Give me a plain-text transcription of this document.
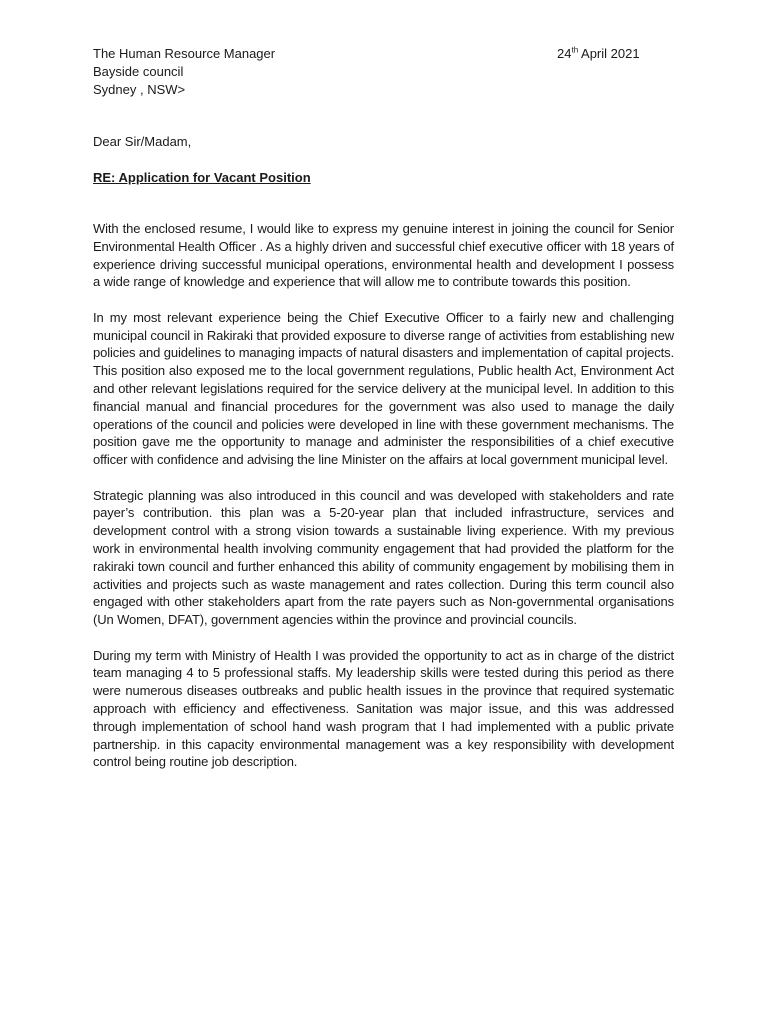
The Human Resource Manager
Bayside council
Sydney , NSW>
24th April 2021
Dear Sir/Madam,
RE: Application for Vacant Position

With the enclosed resume, I would like to express my genuine interest in joining the council for Senior Environmental Health Officer . As a highly driven and successful chief executive officer with 18 years of experience driving successful municipal operations, environmental health and development I possess a wide range of knowledge and experience that will allow me to contribute towards this position.

In my most relevant experience being the Chief Executive Officer to a fairly new and challenging municipal council in Rakiraki that provided exposure to diverse range of activities from establishing new policies and guidelines to managing impacts of natural disasters and implementation of capital projects. This position also exposed me to the local government regulations, Public health Act, Environment Act and other relevant legislations required for the service delivery at the municipal level. In addition to this financial manual and financial procedures for the government was also used to manage the daily operations of the council and policies were developed in line with these government mechanisms. The position gave me the opportunity to manage and administer the responsibilities of a chief executive officer with confidence and advising the line Minister on the affairs at local government municipal level.

Strategic planning was also introduced in this council and was developed with stakeholders and rate payer’s contribution. this plan was a 5-20-year plan that included infrastructure, services and development control with a strong vision towards a sustainable living experience. With my previous work in environmental health involving community engagement that had provided the platform for the rakiraki town council and further enhanced this ability of community engagement by mobilising them in activities and projects such as waste management and rates collection. During this term council also engaged with other stakeholders apart from the rate payers such as Non-governmental organisations (Un Women, DFAT), government agencies within the province and provincial councils.

During my term with Ministry of Health I was provided the opportunity to act as in charge of the district team managing 4 to 5 professional staffs. My leadership skills were tested during this period as there were numerous diseases outbreaks and public health issues in the province that required systematic approach with efficiency and effectiveness. Sanitation was major issue, and this was addressed through implementation of school hand wash program that I had implemented with a public private partnership. in this capacity environmental management was a key responsibility with development control being routine job description.
